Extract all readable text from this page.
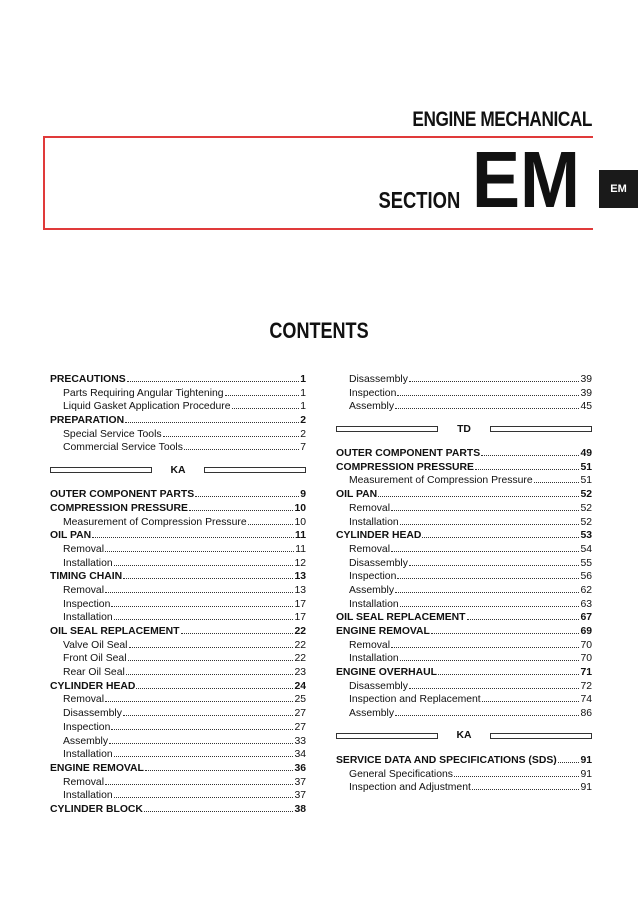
ENGINE MECHANICAL
SECTION EM	EM
CONTENTS
PRECAUTIONS	1
Parts Requiring Angular Tightening	1
Liquid Gasket Application Procedure	1
PREPARATION	2
Special Service Tools	2
Commercial Service Tools	7
KA
OUTER COMPONENT PARTS	9
COMPRESSION PRESSURE	10
Measurement of Compression Pressure	10
OIL PAN	11
Removal	11
Installation	12
TIMING CHAIN	13
Removal	13
Inspection	17
Installation	17
OIL SEAL REPLACEMENT	22
Valve Oil Seal	22
Front Oil Seal	22
Rear Oil Seal	23
CYLINDER HEAD	24
Removal	25
Disassembly	27
Inspection	27
Assembly	33
Installation	34
ENGINE REMOVAL	36
Removal	37
Installation	37
CYLINDER BLOCK	38
Disassembly	39
Inspection	39
Assembly	45
TD
OUTER COMPONENT PARTS	49
COMPRESSION PRESSURE	51
Measurement of Compression Pressure	51
OIL PAN	52
Removal	52
Installation	52
CYLINDER HEAD	53
Removal	54
Disassembly	55
Inspection	56
Assembly	62
Installation	63
OIL SEAL REPLACEMENT	67
ENGINE REMOVAL	69
Removal	70
Installation	70
ENGINE OVERHAUL	71
Disassembly	72
Inspection and Replacement	74
Assembly	86
KA
SERVICE DATA AND SPECIFICATIONS (SDS) 91
General Specifications	91
Inspection and Adjustment	91
